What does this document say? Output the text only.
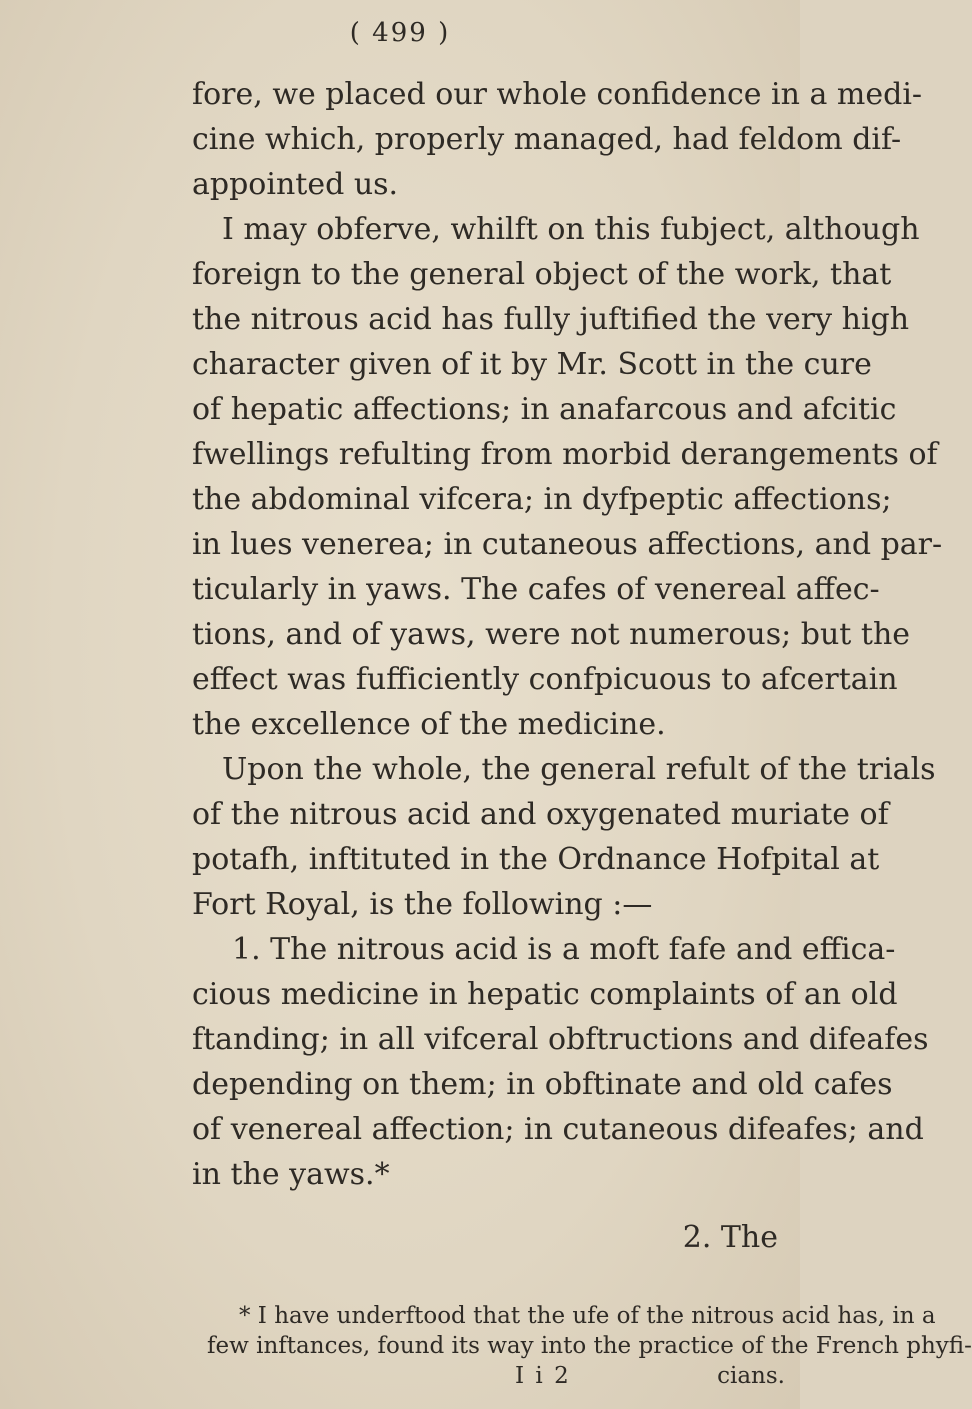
( 499 )
fore, we placed our whole confidence in a medi-
cine which, properly managed, had feldom dif-
appointed us.
I may obferve, whilft on this fubject, although
foreign to the general object of the work, that
the nitrous acid has fully juftified the very high
character given of it by Mr. Scott in the cure
of hepatic affections; in anafarcous and afcitic
fwellings refulting from morbid derangements of
the abdominal vifcera; in dyfpeptic affections;
in lues venerea; in cutaneous affections, and par-
ticularly in yaws. The cafes of venereal affec-
tions, and of yaws, were not numerous; but the
effect was fufficiently confpicuous to afcertain
the excellence of the medicine.
Upon the whole, the general refult of the trials
of the nitrous acid and oxygenated muriate of
potafh, inftituted in the Ordnance Hofpital at
Fort Royal, is the following :—
1. The nitrous acid is a moft fafe and effica-
cious medicine in hepatic complaints of an old
ftanding; in all vifceral obftructions and difeafes
depending on them; in obftinate and old cafes
of venereal affection; in cutaneous difeafes; and
in the yaws.*
2. The
* I have underftood that the ufe of the nitrous acid has, in a
few inftances, found its way into the practice of the French phyfi-
I i 2	cians.
